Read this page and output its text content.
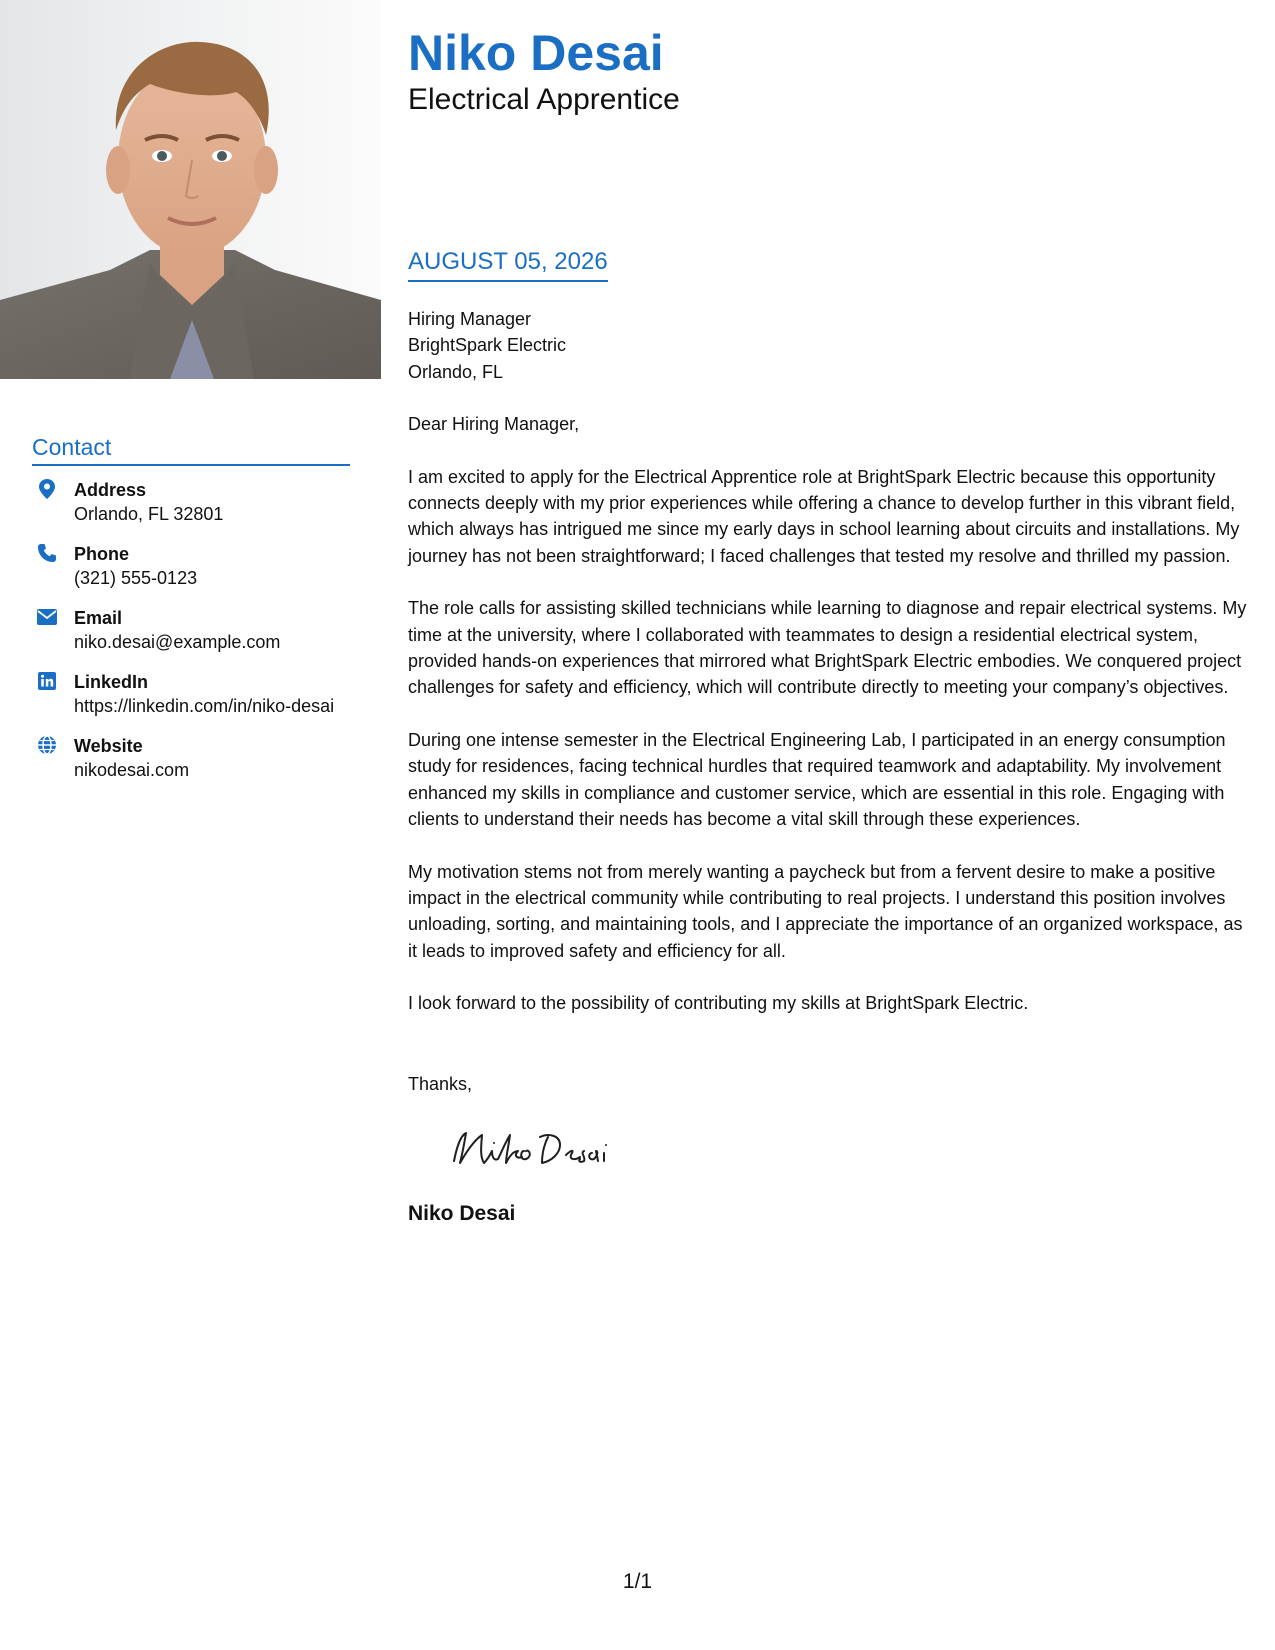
Contact
Address
Orlando, FL 32801
Phone
(321) 555-0123
Email
niko.desai@example.com
LinkedIn
https://linkedin.com/in/niko-desai
Website
nikodesai.com
Niko Desai
Electrical Apprentice
AUGUST 05, 2026
Hiring Manager
BrightSpark Electric
Orlando, FL
Dear Hiring Manager,

I am excited to apply for the Electrical Apprentice role at BrightSpark Electric because this opportunity connects deeply with my prior experiences while offering a chance to develop further in this vibrant field, which always has intrigued me since my early days in school learning about circuits and installations. My journey has not been straightforward; I faced challenges that tested my resolve and thrilled my passion.

The role calls for assisting skilled technicians while learning to diagnose and repair electrical systems. My time at the university, where I collaborated with teammates to design a residential electrical system, provided hands-on experiences that mirrored what BrightSpark Electric embodies. We conquered project challenges for safety and efficiency, which will contribute directly to meeting your company’s objectives.

During one intense semester in the Electrical Engineering Lab, I participated in an energy consumption study for residences, facing technical hurdles that required teamwork and adaptability. My involvement enhanced my skills in compliance and customer service, which are essential in this role. Engaging with clients to understand their needs has become a vital skill through these experiences.

My motivation stems not from merely wanting a paycheck but from a fervent desire to make a positive impact in the electrical community while contributing to real projects. I understand this position involves unloading, sorting, and maintaining tools, and I appreciate the importance of an organized workspace, as it leads to improved safety and efficiency for all.

I look forward to the possibility of contributing my skills at BrightSpark Electric.

Thanks,
Niko Desai
1/1
